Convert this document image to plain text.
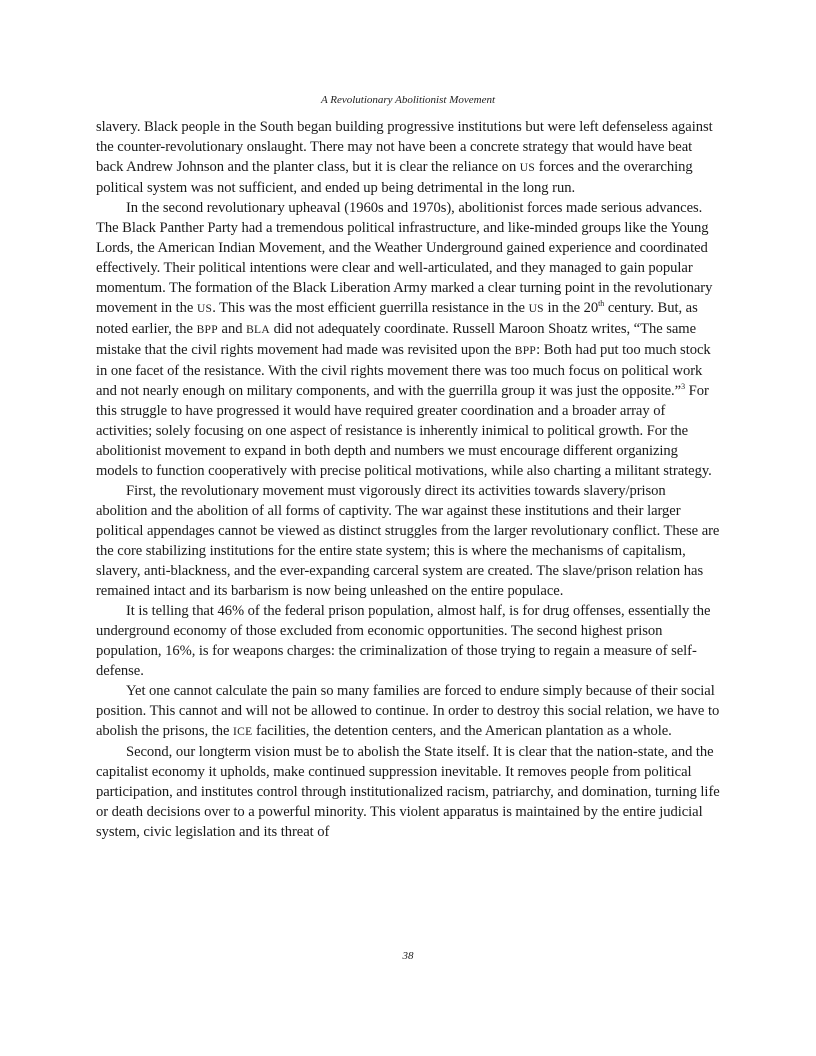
A Revolutionary Abolitionist Movement

slavery. Black people in the South began building progressive institutions but were left defenseless against the counter-revolutionary onslaught. There may not have been a concrete strategy that would have beat back Andrew Johnson and the planter class, but it is clear the reliance on US forces and the overarching political system was not sufficient, and ended up being detrimental in the long run.

In the second revolutionary upheaval (1960s and 1970s), abolitionist forces made serious advances. The Black Panther Party had a tremendous political infrastructure, and like-minded groups like the Young Lords, the American Indian Movement, and the Weather Underground gained experience and coordinated effectively. Their political intentions were clear and well-articulated, and they managed to gain popular momentum. The formation of the Black Liberation Army marked a clear turning point in the revolutionary movement in the US. This was the most efficient guerrilla resistance in the US in the 20th century. But, as noted earlier, the BPP and BLA did not adequately coordinate. Russell Maroon Shoatz writes, “The same mistake that the civil rights movement had made was revisited upon the BPP: Both had put too much stock in one facet of the resistance. With the civil rights movement there was too much focus on political work and not nearly enough on military components, and with the guerrilla group it was just the opposite.”$^3$ For this struggle to have progressed it would have required greater coordination and a broader array of activities; solely focusing on one aspect of resistance is inherently inimical to political growth. For the abolitionist movement to expand in both depth and numbers we must encourage different organizing models to function cooperatively with precise political motivations, while also charting a militant strategy.

First, the revolutionary movement must vigorously direct its activities towards slavery/prison abolition and the abolition of all forms of captivity. The war against these institutions and their larger political appendages cannot be viewed as distinct struggles from the larger revolutionary conflict. These are the core stabilizing institutions for the entire state system; this is where the mechanisms of capitalism, slavery, anti-blackness, and the ever-expanding carceral system are created. The slave/prison relation has remained intact and its barbarism is now being unleashed on the entire populace.

It is telling that 46% of the federal prison population, almost half, is for drug offenses, essentially the underground economy of those excluded from economic opportunities. The second highest prison population, 16%, is for weapons charges: the criminalization of those trying to regain a measure of self-defense.

Yet one cannot calculate the pain so many families are forced to endure simply because of their social position. This cannot and will not be allowed to continue. In order to destroy this social relation, we have to abolish the prisons, the ICE facilities, the detention centers, and the American plantation as a whole.

Second, our longterm vision must be to abolish the State itself. It is clear that the nation-state, and the capitalist economy it upholds, make continued suppression inevitable. It removes people from political participation, and institutes control through institutionalized racism, patriarchy, and domination, turning life or death decisions over to a powerful minority. This violent apparatus is maintained by the entire judicial system, civic legislation and its threat of

38
